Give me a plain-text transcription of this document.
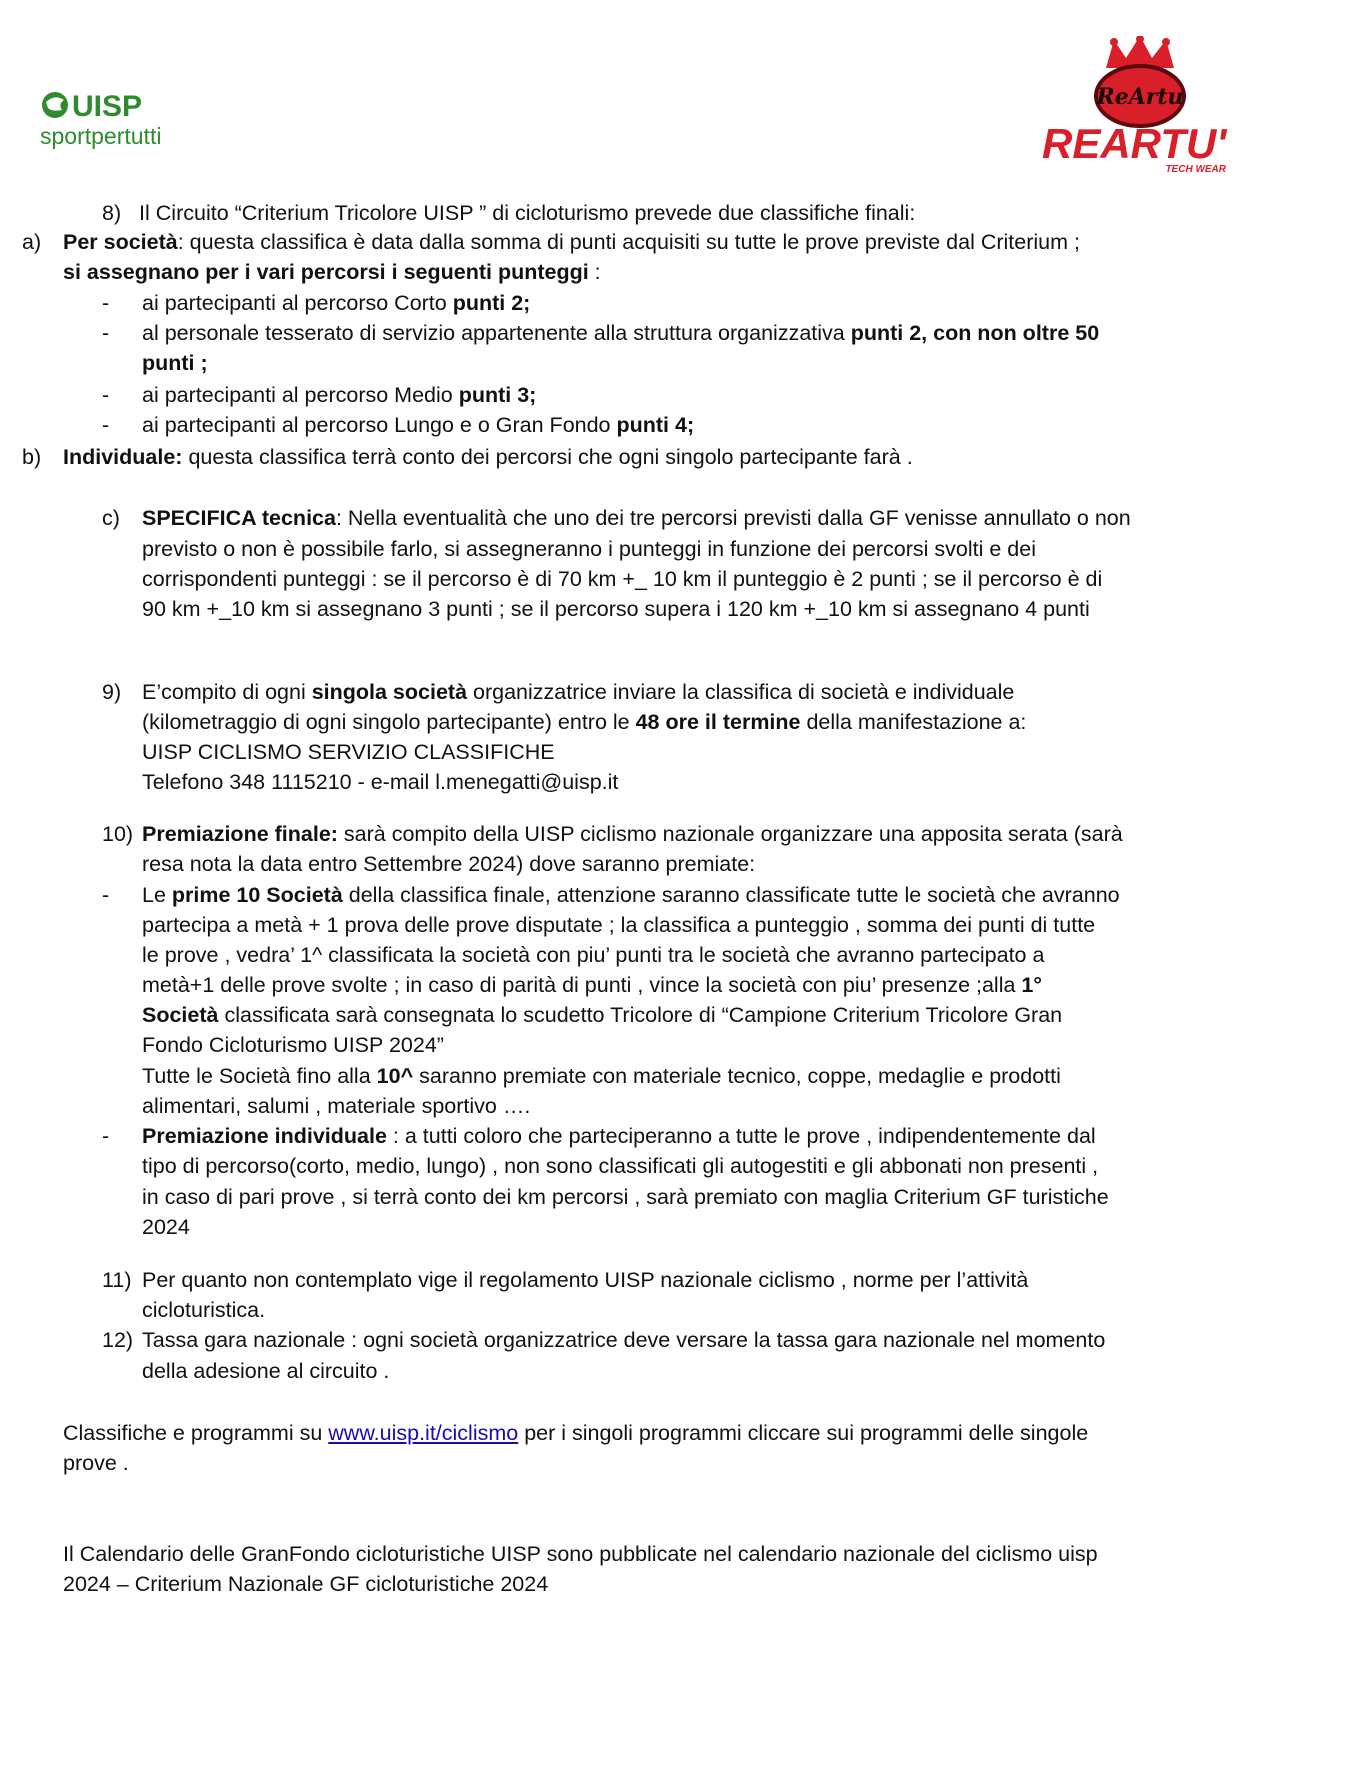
UISP
sportpertutti
ReArtu
REARTU'
TECH WEAR
8) Il Circuito “Criterium Tricolore UISP ” di cicloturismo prevede due classifiche finali:
a) Per società: questa classifica è data dalla somma di punti acquisiti su tutte le prove previste dal Criterium ;
si assegnano per i vari percorsi i seguenti punteggi :
- ai partecipanti al percorso Corto punti 2;
- al personale tesserato di servizio appartenente alla struttura organizzativa punti 2, con non oltre 50
punti ;
- ai partecipanti al percorso Medio punti 3;
- ai partecipanti al percorso Lungo e o Gran Fondo punti 4;
b) Individuale: questa classifica terrà conto dei percorsi che ogni singolo partecipante farà .
c) SPECIFICA tecnica: Nella eventualità che uno dei tre percorsi previsti dalla GF venisse annullato o non
previsto o non è possibile farlo, si assegneranno i punteggi in funzione dei percorsi svolti e dei
corrispondenti punteggi : se il percorso è di 70 km +_ 10 km il punteggio è 2 punti ; se il percorso è di
90 km +_10 km si assegnano 3 punti ; se il percorso supera i 120 km +_10 km si assegnano 4 punti
9) E’compito di ogni singola società organizzatrice inviare la classifica di società e individuale
(kilometraggio di ogni singolo partecipante) entro le 48 ore il termine della manifestazione a:
UISP CICLISMO SERVIZIO CLASSIFICHE
Telefono 348 1115210 - e-mail l.menegatti@uisp.it
10) Premiazione finale: sarà compito della UISP ciclismo nazionale organizzare una apposita serata (sarà
resa nota la data entro Settembre 2024) dove saranno premiate:
- Le prime 10 Società della classifica finale, attenzione saranno classificate tutte le società che avranno
partecipa a metà + 1 prova delle prove disputate ; la classifica a punteggio , somma dei punti di tutte
le prove , vedra’ 1^ classificata la società con piu’ punti tra le società che avranno partecipato a
metà+1 delle prove svolte ; in caso di parità di punti , vince la società con piu’ presenze ;alla 1°
Società classificata sarà consegnata lo scudetto Tricolore di “Campione Criterium Tricolore Gran
Fondo Cicloturismo UISP 2024”
Tutte le Società fino alla 10^ saranno premiate con materiale tecnico, coppe, medaglie e prodotti
alimentari, salumi , materiale sportivo ….
- Premiazione individuale : a tutti coloro che parteciperanno a tutte le prove , indipendentemente dal
tipo di percorso(corto, medio, lungo) , non sono classificati gli autogestiti e gli abbonati non presenti ,
in caso di pari prove , si terrà conto dei km percorsi , sarà premiato con maglia Criterium GF turistiche
2024
11) Per quanto non contemplato vige il regolamento UISP nazionale ciclismo , norme per l’attività
cicloturistica.
12) Tassa gara nazionale : ogni società organizzatrice deve versare la tassa gara nazionale nel momento
della adesione al circuito .
Classifiche e programmi su www.uisp.it/ciclismo per i singoli programmi cliccare sui programmi delle singole
prove .
Il Calendario delle GranFondo cicloturistiche UISP sono pubblicate nel calendario nazionale del ciclismo uisp
2024 – Criterium Nazionale GF cicloturistiche 2024
